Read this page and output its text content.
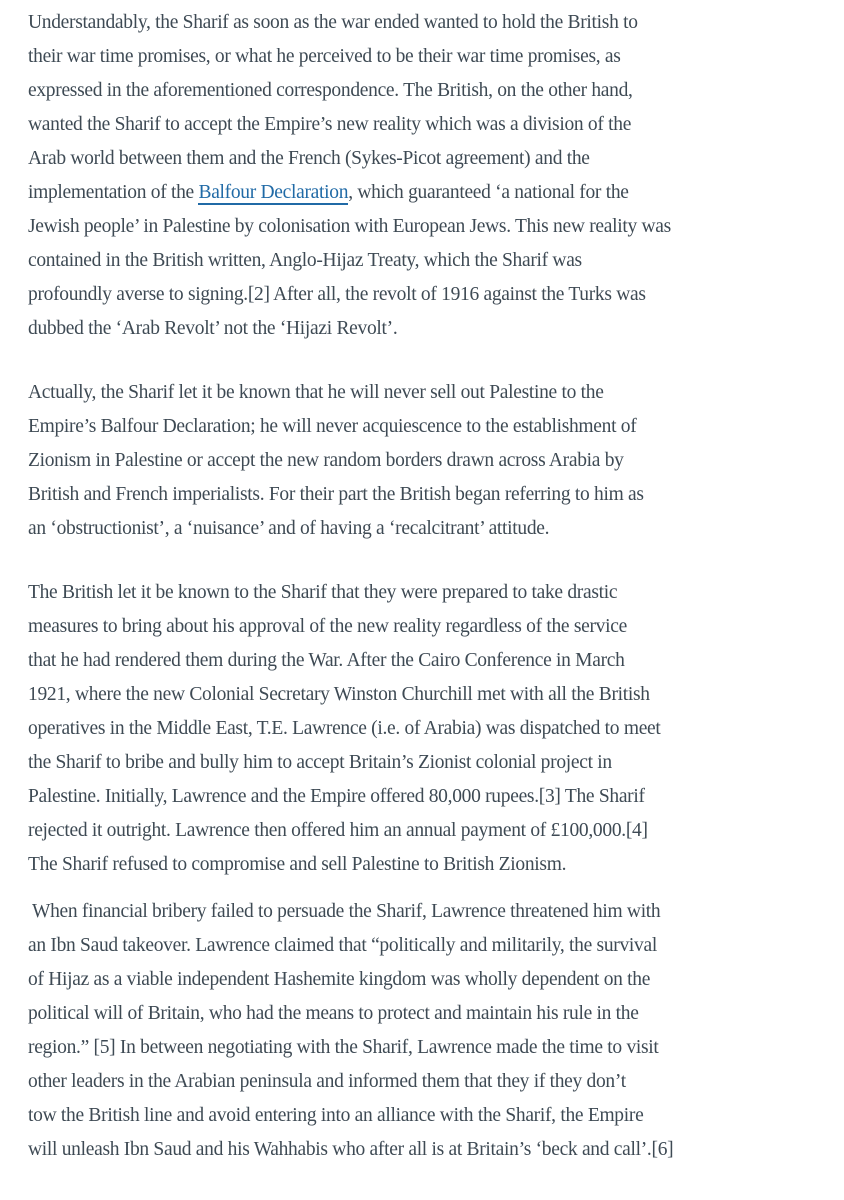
Understandably, the Sharif as soon as the war ended wanted to hold the British to
their war time promises, or what he perceived to be their war time promises, as
expressed in the aforementioned correspondence. The British, on the other hand,
wanted the Sharif to accept the Empire’s new reality which was a division of the
Arab world between them and the French (Sykes-Picot agreement) and the
implementation of the Balfour Declaration, which guaranteed ‘a national for the
Jewish people’ in Palestine by colonisation with European Jews. This new reality was
contained in the British written, Anglo-Hijaz Treaty, which the Sharif was
profoundly averse to signing.[2] After all, the revolt of 1916 against the Turks was
dubbed the ‘Arab Revolt’ not the ‘Hijazi Revolt’.
Actually, the Sharif let it be known that he will never sell out Palestine to the
Empire’s Balfour Declaration; he will never acquiescence to the establishment of
Zionism in Palestine or accept the new random borders drawn across Arabia by
British and French imperialists. For their part the British began referring to him as
an ‘obstructionist’, a ‘nuisance’ and of having a ‘recalcitrant’ attitude.
The British let it be known to the Sharif that they were prepared to take drastic
measures to bring about his approval of the new reality regardless of the service
that he had rendered them during the War. After the Cairo Conference in March
1921, where the new Colonial Secretary Winston Churchill met with all the British
operatives in the Middle East, T.E. Lawrence (i.e. of Arabia) was dispatched to meet
the Sharif to bribe and bully him to accept Britain’s Zionist colonial project in
Palestine. Initially, Lawrence and the Empire offered 80,000 rupees.[3] The Sharif
rejected it outright. Lawrence then offered him an annual payment of £100,000.[4]
The Sharif refused to compromise and sell Palestine to British Zionism.
When financial bribery failed to persuade the Sharif, Lawrence threatened him with
an Ibn Saud takeover. Lawrence claimed that “politically and militarily, the survival
of Hijaz as a viable independent Hashemite kingdom was wholly dependent on the
political will of Britain, who had the means to protect and maintain his rule in the
region.” [5] In between negotiating with the Sharif, Lawrence made the time to visit
other leaders in the Arabian peninsula and informed them that they if they don’t
tow the British line and avoid entering into an alliance with the Sharif, the Empire
will unleash Ibn Saud and his Wahhabis who after all is at Britain’s ‘beck and call’.[6]
